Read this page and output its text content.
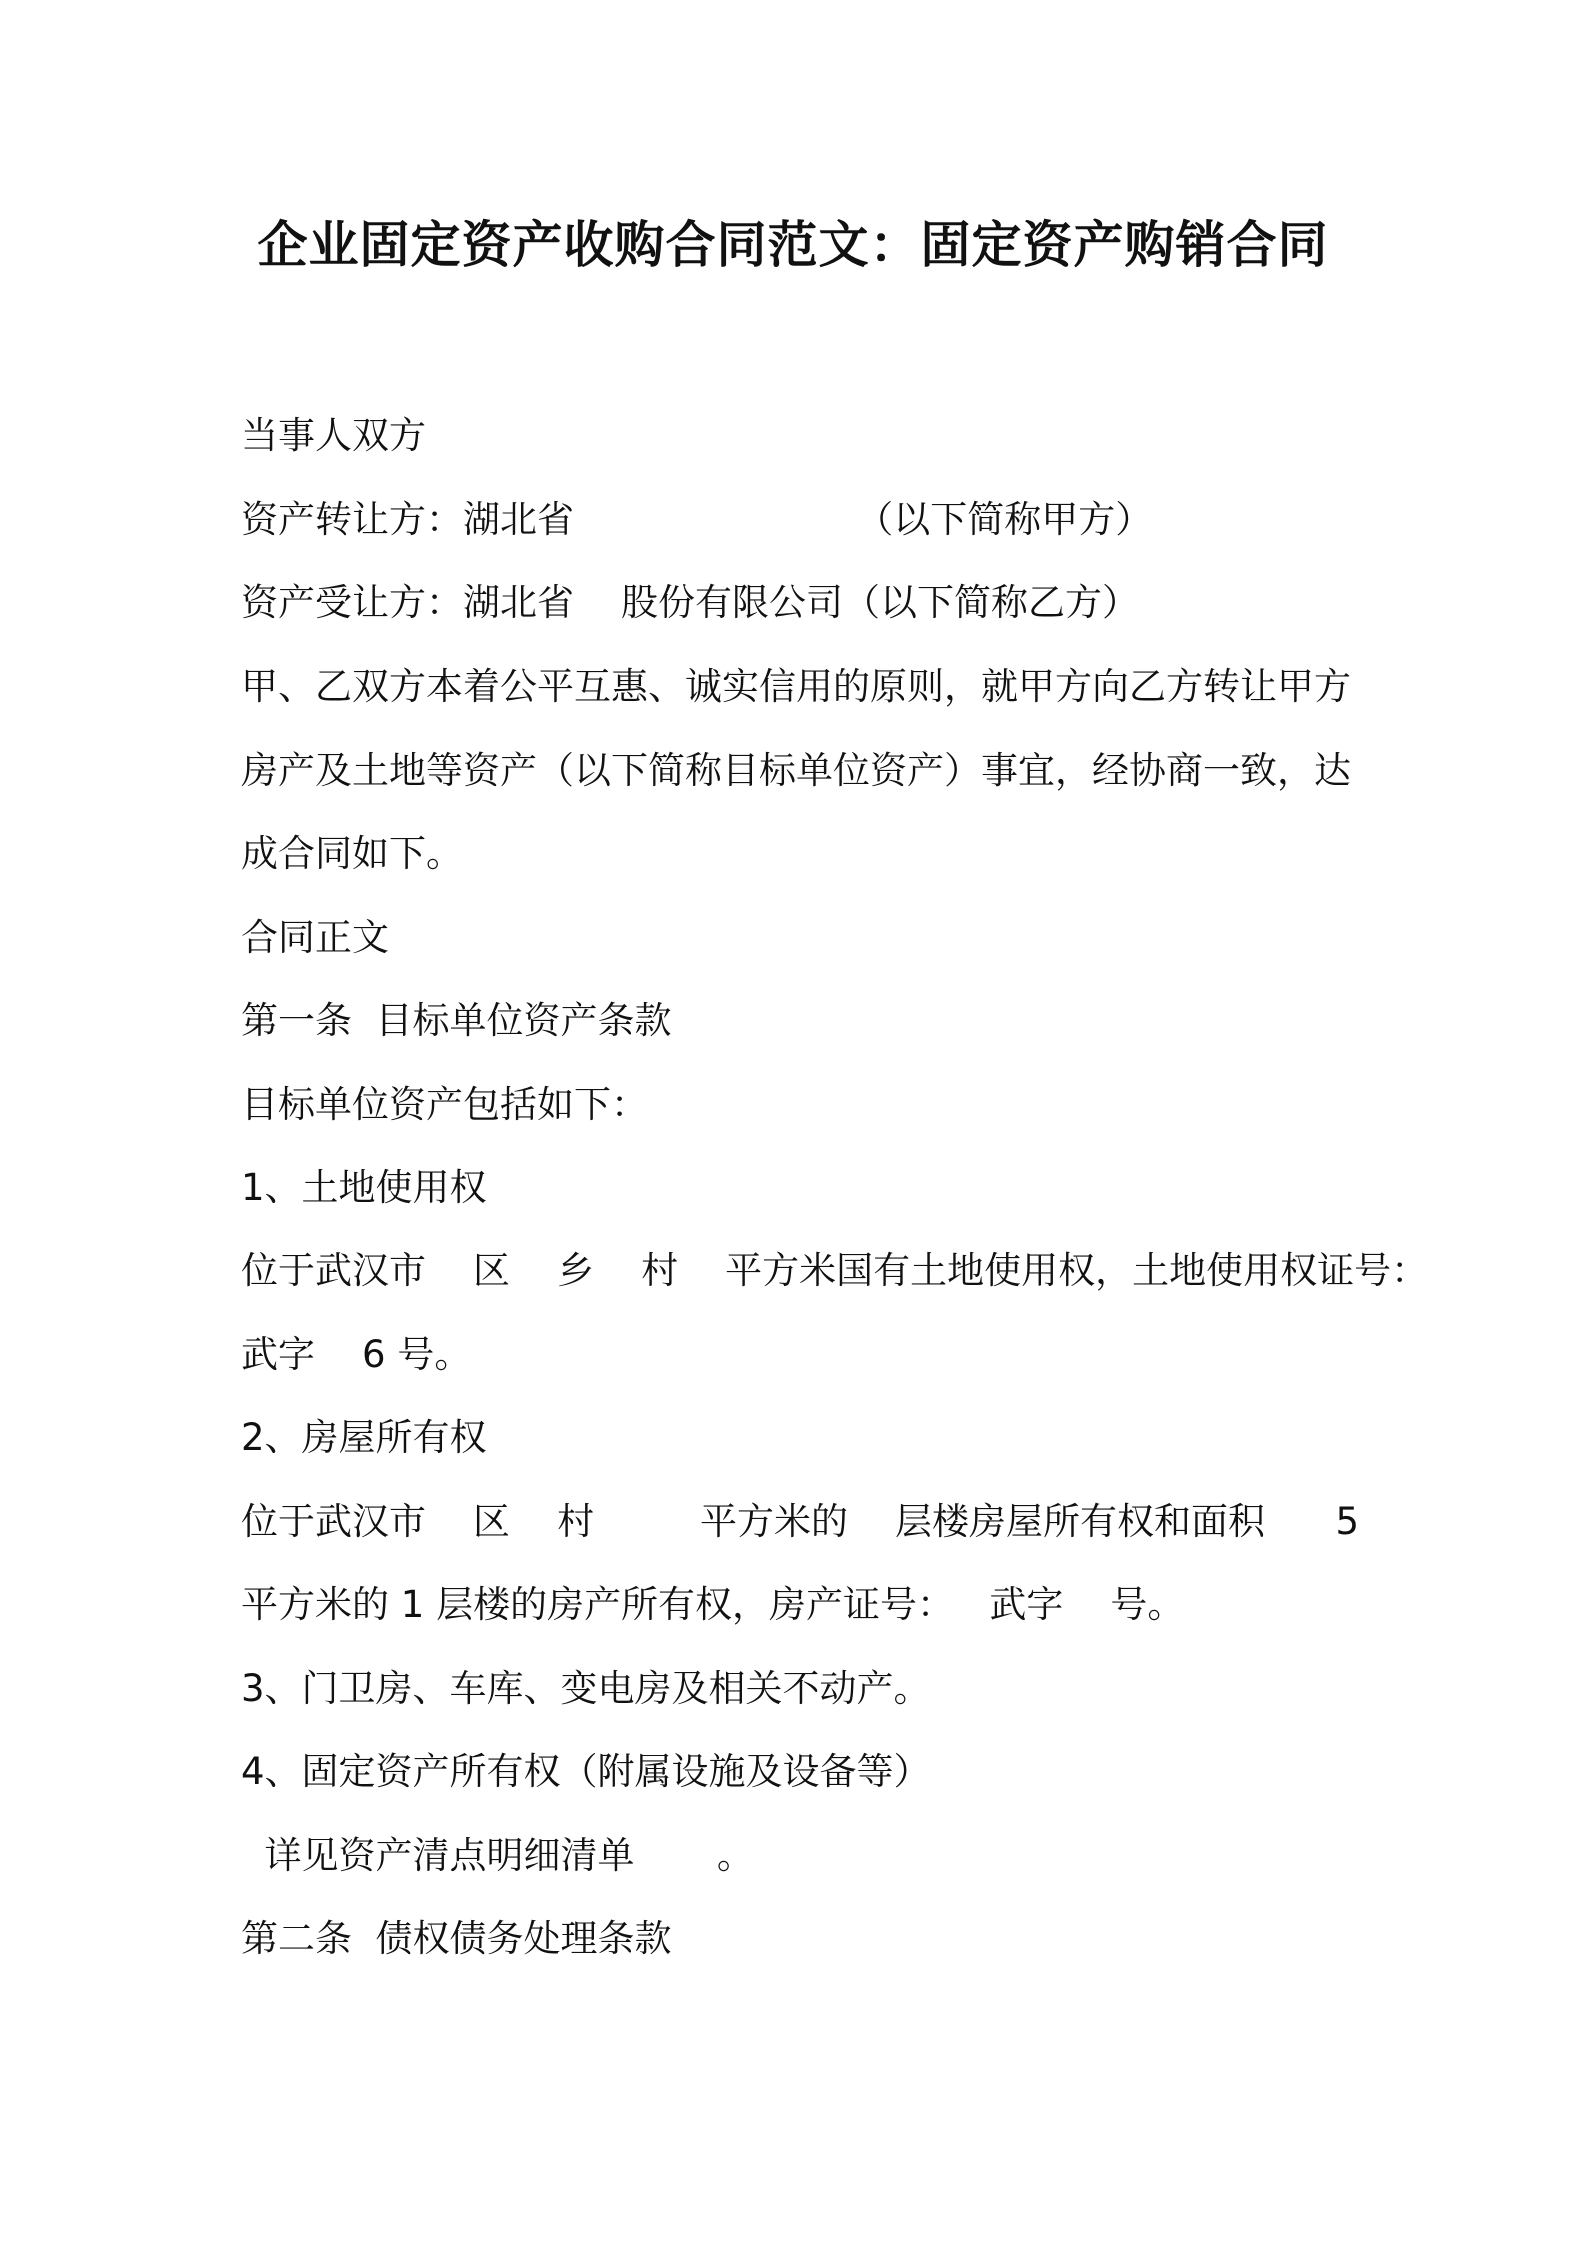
企业固定资产收购合同范文：固定资产购销合同
当事人双方
资产转让方：湖北省                        （以下简称甲方）
资产受让方：湖北省    股份有限公司（以下简称乙方）
甲、乙双方本着公平互惠、诚实信用的原则，就甲方向乙方转让甲方
房产及土地等资产（以下简称目标单位资产）事宜，经协商一致，达
成合同如下。
合同正文
第一条  目标单位资产条款
目标单位资产包括如下：
1、土地使用权
位于武汉市    区    乡    村    平方米国有土地使用权，土地使用权证号：
武字    6 号。
2、房屋所有权
位于武汉市    区    村         平方米的    层楼房屋所有权和面积      5
平方米的 1 层楼的房产所有权，房产证号：   武字    号。
3、门卫房、车库、变电房及相关不动产。
4、固定资产所有权（附属设施及设备等）
详见资产清点明细清单       。
第二条  债权债务处理条款
